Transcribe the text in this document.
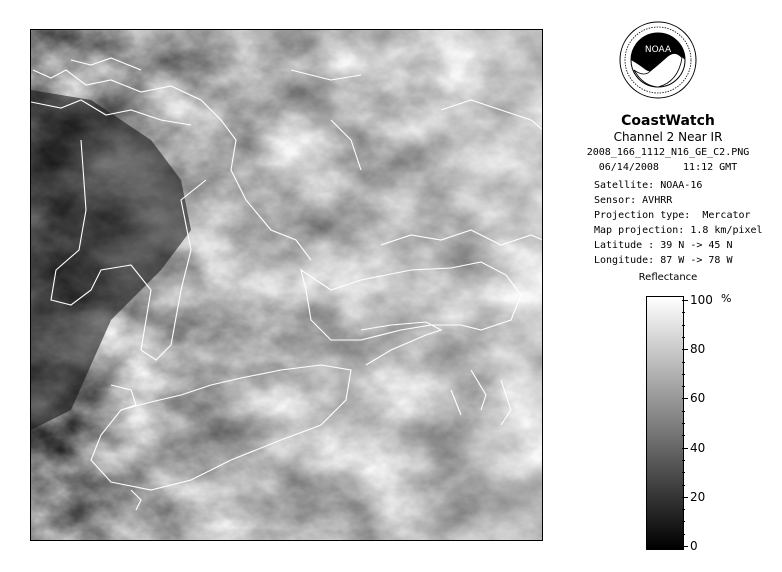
NOAA
CoastWatch
Channel 2 Near IR
2008_166_1112_N16_GE_C2.PNG
06/14/2008    11:12 GMT
Satellite: NOAA-16
Sensor: AVHRR
Projection type:  Mercator
Map projection: 1.8 km/pixel
Latitude : 39 N -> 45 N
Longitude: 87 W -> 78 W
Reflectance
%
100
80
60
40
20
0
